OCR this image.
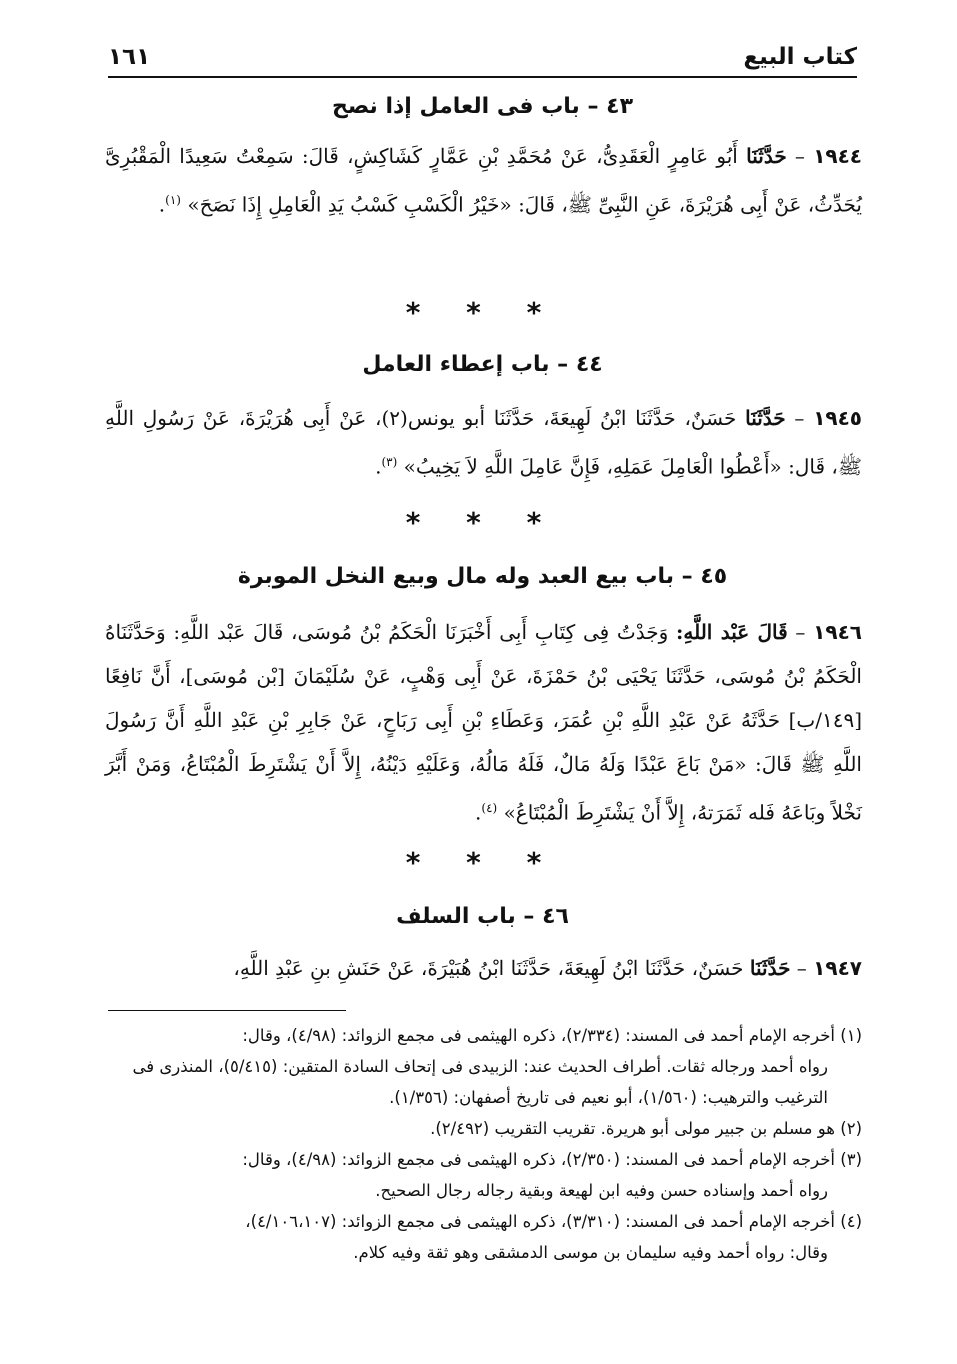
كتاب البيع
١٦١
٤٣ – باب فى العامل إذا نصح

١٩٤٤ – حَدَّثَنَا أَبُو عَامِرٍ الْعَقَدِىُّ، عَنْ مُحَمَّدِ بْنِ عَمَّارٍ كَشَاكِشٍ، قَالَ: سَمِعْتُ سَعِيدًا الْمَقْبُرِىَّ يُحَدِّثُ، عَنْ أَبِى هُرَيْرَةَ، عَنِ النَّبِىِّ ﷺ، قَالَ: «خَيْرُ الْكَسْبِ كَسْبُ يَدِ الْعَامِلِ إِذَا نَصَحَ» $^{(١)}$.

* * *
٤٤ – باب إعطاء العامل

١٩٤٥ – حَدَّثَنَا حَسَنٌ، حَدَّثَنَا ابْنُ لَهِيعَةَ، حَدَّثَنَا أبو يونس(٢)، عَنْ أَبِى هُرَيْرَةَ، عَنْ رَسُولِ اللَّهِ ﷺ، قَال: «أَعْطُوا الْعَامِلَ عَمَلِهِ، فَإِنَّ عَامِلَ اللَّهِ لاَ يَخِيبُ» $^{(٣)}$.

* * *
٤٥ – باب بيع العبد وله مال وبيع النخل الموبرة

١٩٤٦ – قَالَ عَبْد اللَّهِ: وَجَدْتُ فِى كِتَابِ أَبِى أَخْبَرَنَا الْحَكَمُ بْنُ مُوسَى، قَالَ عَبْد اللَّهِ: وَحَدَّثَنَاهُ الْحَكَمُ بْنُ مُوسَى، حَدَّثَنَا يَحْيَى بْنُ حَمْزَةَ، عَنْ أَبِى وَهْبٍ، عَنْ سُلَيْمَانَ [بْن مُوسَى]، أَنَّ نَافِعًا [١٤٩/ب] حَدَّثَهُ عَنْ عَبْدِ اللَّهِ بْنِ عُمَرَ، وَعَطَاءِ بْنِ أَبِى رَبَاحٍ، عَنْ جَابِرِ بْنِ عَبْدِ اللَّهِ أَنَّ رَسُولَ اللَّهِ ﷺ قَالَ: «مَنْ بَاعَ عَبْدًا وَلَهُ مَالٌ، فَلَهُ مَالُهُ، وَعَلَيْهِ دَيْنُهُ، إِلاَّ أَنْ يَشْتَرِطَ الْمُبْتَاعُ، وَمَنْ أَبَّرَ نَخْلاً وبَاعَهُ فَله ثَمَرَتهُ، إِلاَّ أَنْ يَشْتَرِطَ الْمُبْتَاعُ» $^{(٤)}$.

* * *
٤٦ – باب السلف

١٩٤٧ – حَدَّثَنَا حَسَنٌ، حَدَّثَنَا ابْنُ لَهِيعَةَ، حَدَّثَنَا ابْنُ هُبَيْرَةَ، عَنْ حَنَشِ بنِ عَبْدِ اللَّهِ،

(١) أخرجه الإمام أحمد فى المسند: (٢/٣٣٤)، ذكره الهيثمى فى مجمع الزوائد: (٤/٩٨)، وقال:
رواه أحمد ورجاله ثقات. أطراف الحديث عند: الزبيدى فى إتحاف السادة المتقين: (٥/٤١٥)، المنذرى فى الترغيب والترهيب: (١/٥٦٠)، أبو نعيم فى تاريخ أصفهان: (١/٣٥٦).

(٢) هو مسلم بن جبير مولى أبو هريرة. تقريب التقريب (٢/٤٩٢).

(٣) أخرجه الإمام أحمد فى المسند: (٢/٣٥٠)، ذكره الهيثمى فى مجمع الزوائد: (٤/٩٨)، وقال:
رواه أحمد وإسناده حسن وفيه ابن لهيعة وبقية رجاله رجال الصحيح.

(٤) أخرجه الإمام أحمد فى المسند: (٣/٣١٠)، ذكره الهيثمى فى مجمع الزوائد: (٤/١٠٦،١٠٧)،
وقال: رواه أحمد وفيه سليمان بن موسى الدمشقى وهو ثقة وفيه كلام.
